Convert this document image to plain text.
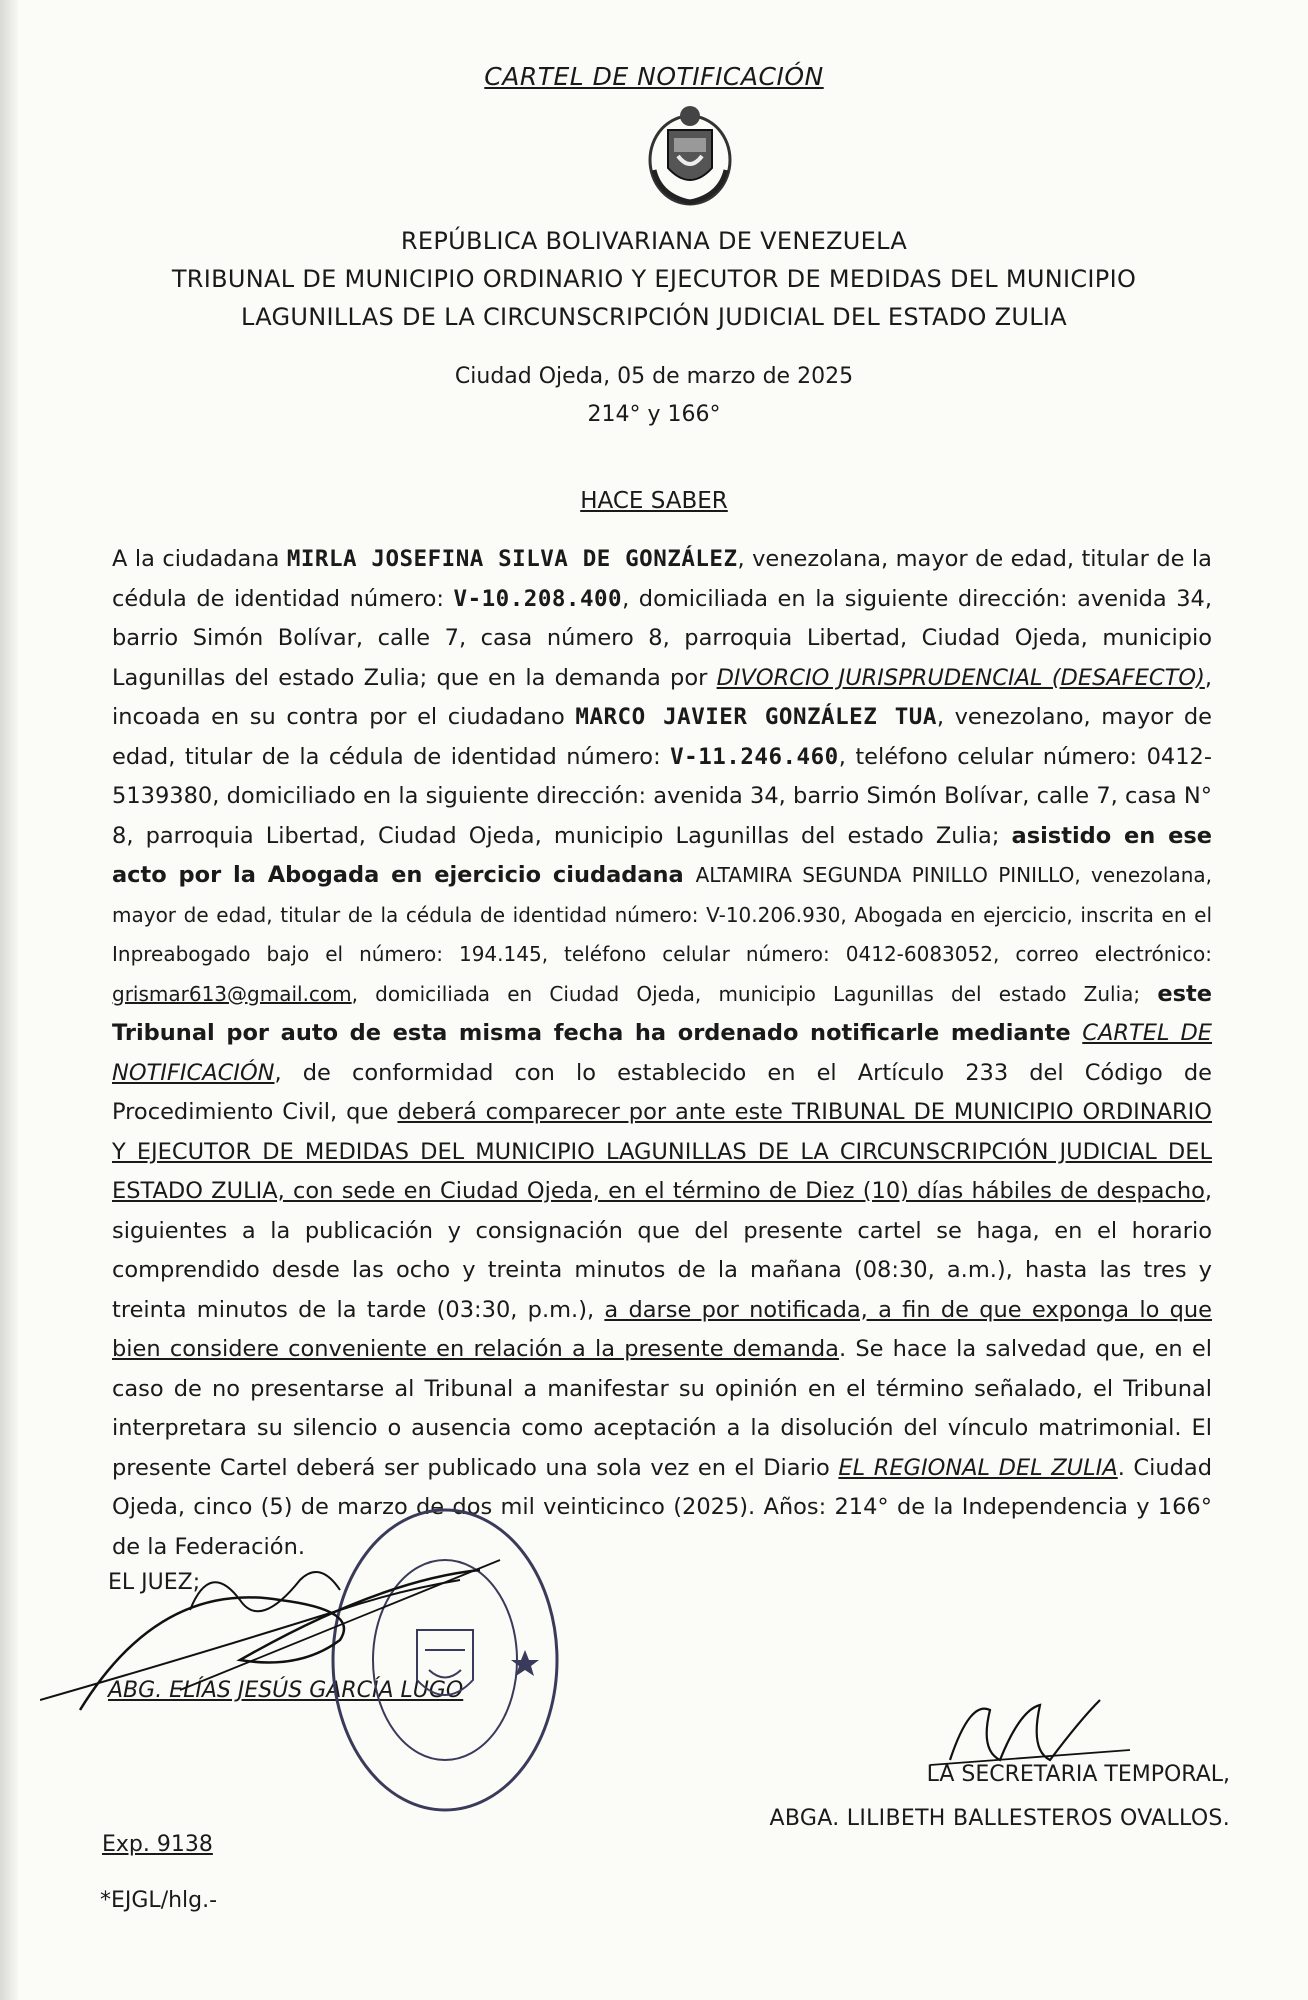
CARTEL DE NOTIFICACIÓN
REPÚBLICA BOLIVARIANA DE VENEZUELA
TRIBUNAL DE MUNICIPIO ORDINARIO Y EJECUTOR DE MEDIDAS DEL MUNICIPIO
LAGUNILLAS DE LA CIRCUNSCRIPCIÓN JUDICIAL DEL ESTADO ZULIA
Ciudad Ojeda, 05 de marzo de 2025
214° y 166°
HACE SABER

A la ciudadana MIRLA JOSEFINA SILVA DE GONZÁLEZ, venezolana, mayor de edad, titular de la cédula de identidad número: V-10.208.400, domiciliada en la siguiente dirección: avenida 34, barrio Simón Bolívar, calle 7, casa número 8, parroquia Libertad, Ciudad Ojeda, municipio Lagunillas del estado Zulia; que en la demanda por DIVORCIO JURISPRUDENCIAL (DESAFECTO), incoada en su contra por el ciudadano MARCO JAVIER GONZÁLEZ TUA, venezolano, mayor de edad, titular de la cédula de identidad número: V-11.246.460, teléfono celular número: 0412-5139380, domiciliado en la siguiente dirección: avenida 34, barrio Simón Bolívar, calle 7, casa N° 8, parroquia Libertad, Ciudad Ojeda, municipio Lagunillas del estado Zulia; asistido en ese acto por la Abogada en ejercicio ciudadana ALTAMIRA SEGUNDA PINILLO PINILLO, venezolana, mayor de edad, titular de la cédula de identidad número: V-10.206.930, Abogada en ejercicio, inscrita en el Inpreabogado bajo el número: 194.145, teléfono celular número: 0412-6083052, correo electrónico: grismar613@gmail.com, domiciliada en Ciudad Ojeda, municipio Lagunillas del estado Zulia; este Tribunal por auto de esta misma fecha ha ordenado notificarle mediante CARTEL DE NOTIFICACIÓN, de conformidad con lo establecido en el Artículo 233 del Código de Procedimiento Civil, que deberá comparecer por ante este TRIBUNAL DE MUNICIPIO ORDINARIO Y EJECUTOR DE MEDIDAS DEL MUNICIPIO LAGUNILLAS DE LA CIRCUNSCRIPCIÓN JUDICIAL DEL ESTADO ZULIA, con sede en Ciudad Ojeda, en el término de Diez (10) días hábiles de despacho, siguientes a la publicación y consignación que del presente cartel se haga, en el horario comprendido desde las ocho y treinta minutos de la mañana (08:30, a.m.), hasta las tres y treinta minutos de la tarde (03:30, p.m.), a darse por notificada, a fin de que exponga lo que bien considere conveniente en relación a la presente demanda. Se hace la salvedad que, en el caso de no presentarse al Tribunal a manifestar su opinión en el término señalado, el Tribunal interpretara su silencio o ausencia como aceptación a la disolución del vínculo matrimonial. El presente Cartel deberá ser publicado una sola vez en el Diario EL REGIONAL DEL ZULIA. Ciudad Ojeda, cinco (5) de marzo de dos mil veinticinco (2025). Años: 214° de la Independencia y 166° de la Federación.

EL JUEZ;
ABG. ELÍAS JESÚS GARCÍA LUGO
LA SECRETARIA TEMPORAL,
ABGA. LILIBETH BALLESTEROS OVALLOS.
Exp. 9138
*EJGL/hlg.-
